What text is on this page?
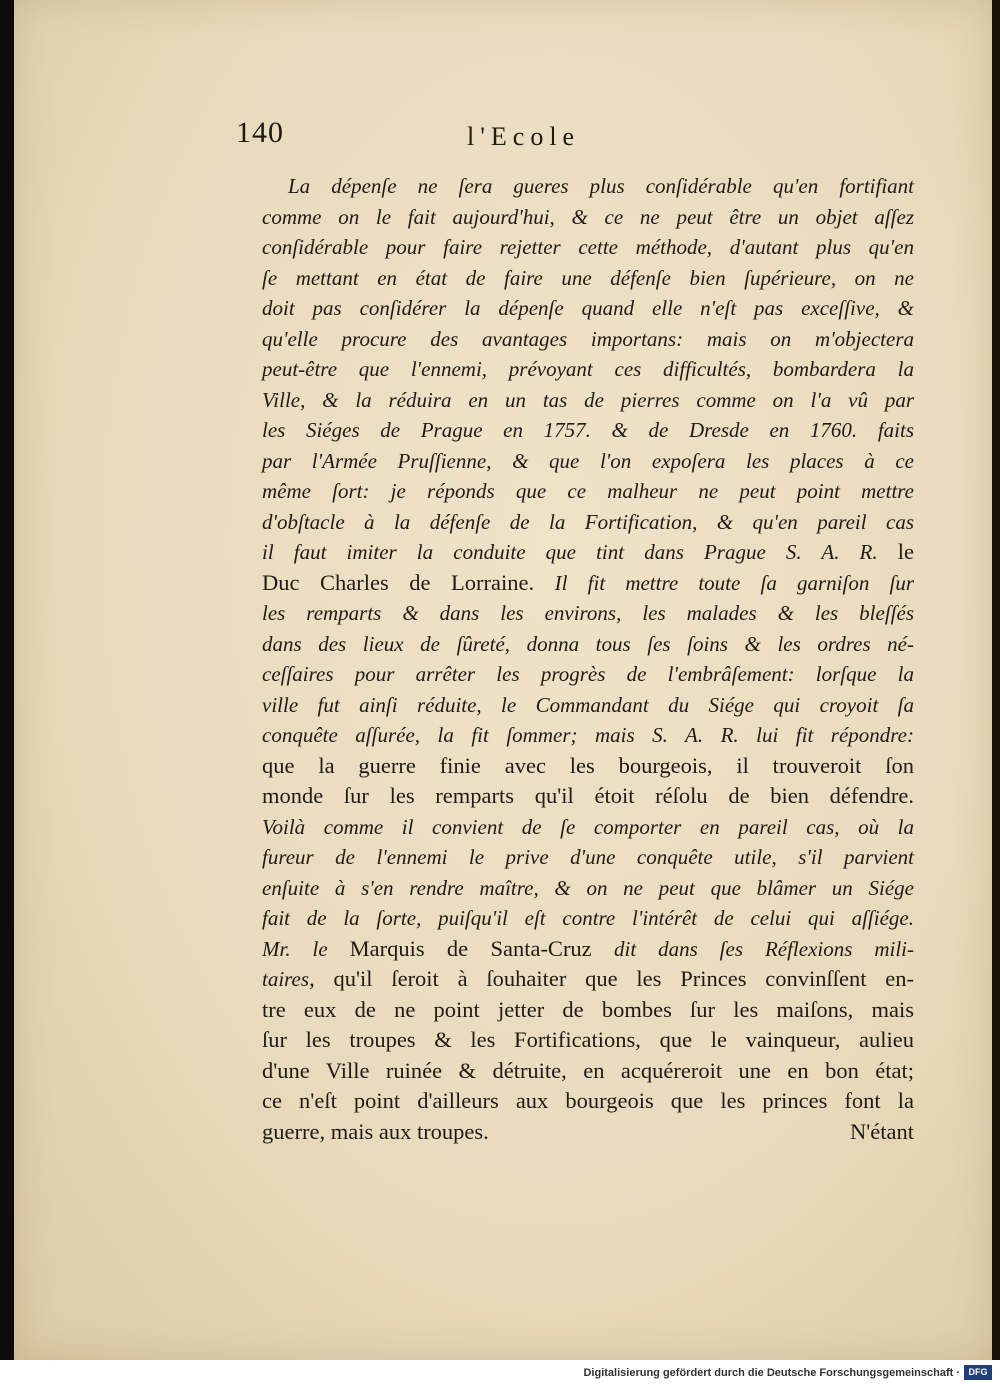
140	l'Ecole
La dépenſe ne ſera gueres plus conſidérable qu'en fortifiant
comme on le fait aujourd'hui, & ce ne peut être un objet aſſez
conſidérable pour faire rejetter cette méthode, d'autant plus qu'en
ſe mettant en état de faire une défenſe bien ſupérieure, on ne
doit pas conſidérer la dépenſe quand elle n'eſt pas exceſſive, &
qu'elle procure des avantages importans: mais on m'objectera
peut-être que l'ennemi, prévoyant ces difficultés, bombardera la
Ville, & la réduira en un tas de pierres comme on l'a vû par
les Siéges de Prague en 1757. & de Dresde en 1760. faits
par l'Armée Pruſſienne, & que l'on expoſera les places à ce
même ſort: je réponds que ce malheur ne peut point mettre
d'obſtacle à la défenſe de la Fortification, & qu'en pareil cas
il faut imiter la conduite que tint dans Prague S. A. R. le
Duc Charles de Lorraine. Il fit mettre toute ſa garniſon ſur
les remparts & dans les environs, les malades & les bleſſés
dans des lieux de ſûreté, donna tous ſes ſoins & les ordres né-
ceſſaires pour arrêter les progrès de l'embrâſement: lorſque la
ville fut ainſi réduite, le Commandant du Siége qui croyoit ſa
conquête aſſurée, la fit ſommer; mais S. A. R. lui fit répondre:
que la guerre finie avec les bourgeois, il trouveroit ſon
monde ſur les remparts qu'il étoit réſolu de bien défendre.
Voilà comme il convient de ſe comporter en pareil cas, où la
fureur de l'ennemi le prive d'une conquête utile, s'il parvient
enſuite à s'en rendre maître, & on ne peut que blâmer un Siége
fait de la ſorte, puiſqu'il eſt contre l'intérêt de celui qui aſſiége.
Mr. le Marquis de Santa-Cruz dit dans ſes Réflexions mili-
taires, qu'il ſeroit à ſouhaiter que les Princes convinſſent en-
tre eux de ne point jetter de bombes ſur les maiſons, mais
ſur les troupes & les Fortifications, que le vainqueur, aulieu
d'une Ville ruinée & détruite, en acquéreroit une en bon état;
ce n'eſt point d'ailleurs aux bourgeois que les princes font la
guerre, mais aux troupes.	N'étant
Digitalisierung gefördert durch die Deutsche Forschungsgemeinschaft · DFG
